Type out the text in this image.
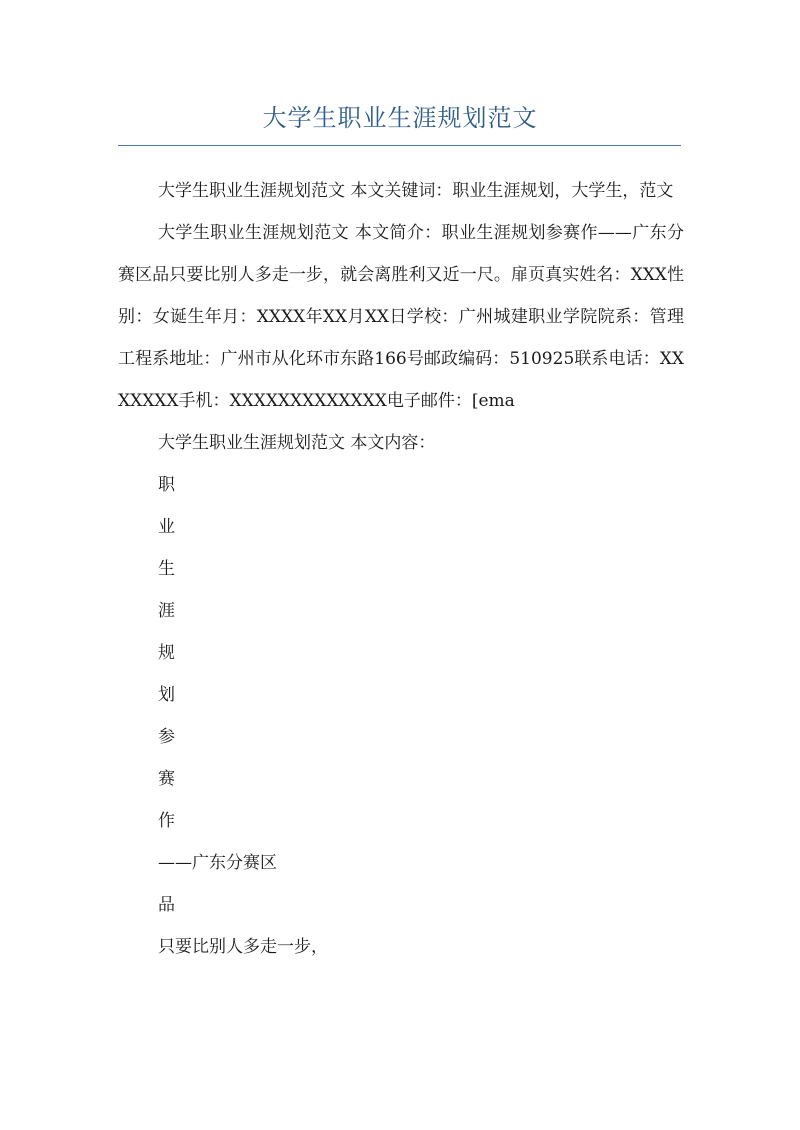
大学生职业生涯规划范文

大学生职业生涯规划范文 本文关键词：职业生涯规划，大学生，范文

大学生职业生涯规划范文 本文简介：职业生涯规划参赛作——广东分赛区品只要比别人多走一步，就会离胜利又近一尺。扉页真实姓名：XXX性别：女诞生年月：XXXX年XX月XX日学校：广州城建职业学院院系：管理工程系地址：广州市从化环市东路166号邮政编码：510925联系电话：XXXXXXX手机：XXXXXXXXXXXXX电子邮件：[ema

大学生职业生涯规划范文 本文内容：

职

业

生

涯

规

划

参

赛

作

——广东分赛区

品

只要比别人多走一步，
